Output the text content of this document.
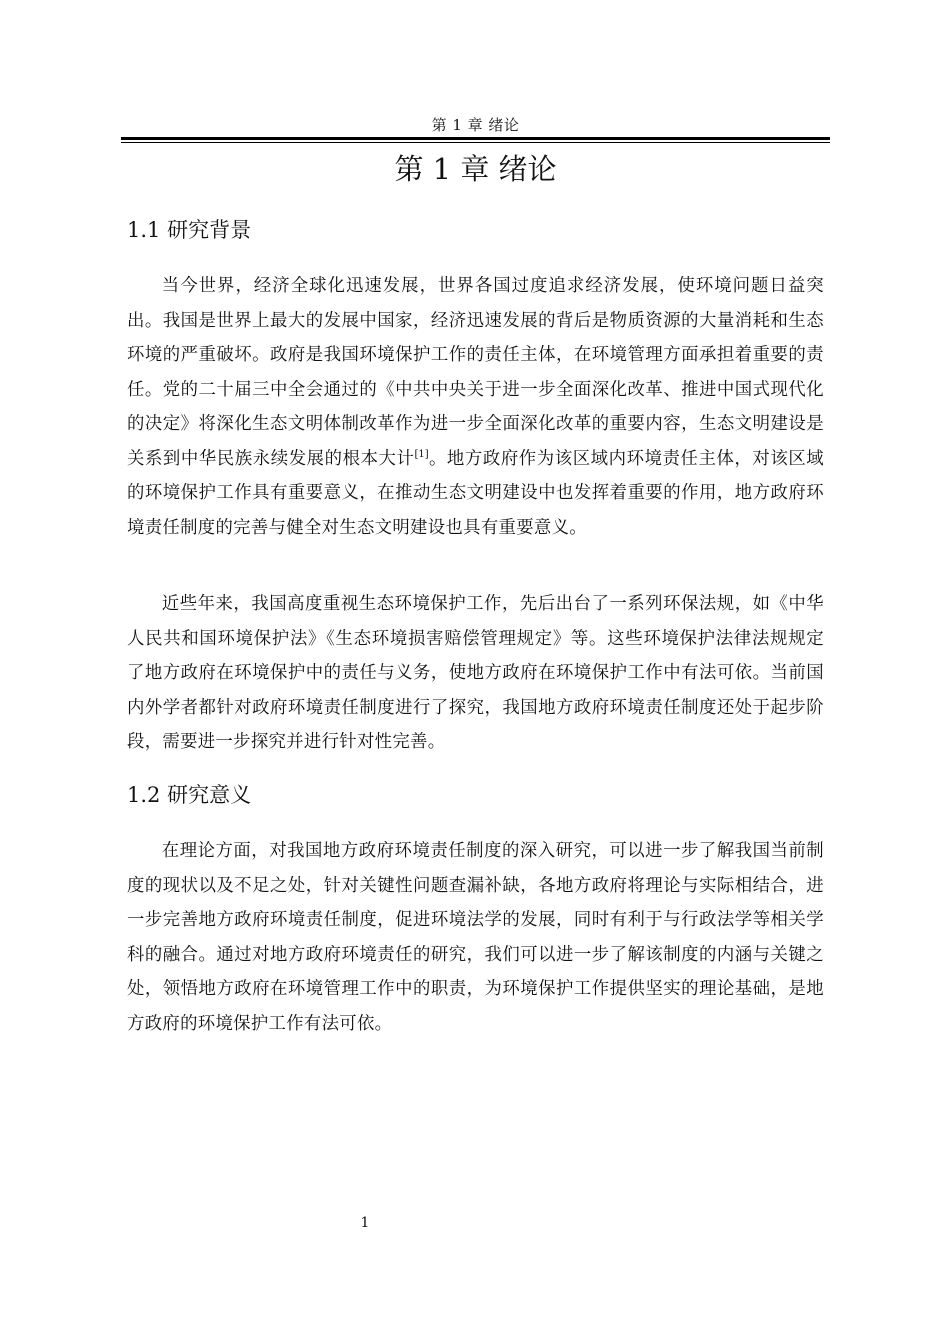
第 1 章 绪论
第 1 章 绪论
1.1 研究背景

当今世界，经济全球化迅速发展，世界各国过度追求经济发展，使环境问题日益突出。我国是世界上最大的发展中国家，经济迅速发展的背后是物质资源的大量消耗和生态环境的严重破坏。政府是我国环境保护工作的责任主体，在环境管理方面承担着重要的责任。党的二十届三中全会通过的《中共中央关于进一步全面深化改革、推进中国式现代化的决定》将深化生态文明体制改革作为进一步全面深化改革的重要内容，生态文明建设是关系到中华民族永续发展的根本大计[1]。地方政府作为该区域内环境责任主体，对该区域的环境保护工作具有重要意义，在推动生态文明建设中也发挥着重要的作用，地方政府环境责任制度的完善与健全对生态文明建设也具有重要意义。

近些年来，我国高度重视生态环境保护工作，先后出台了一系列环保法规，如《中华人民共和国环境保护法》《生态环境损害赔偿管理规定》等。这些环境保护法律法规规定了地方政府在环境保护中的责任与义务，使地方政府在环境保护工作中有法可依。当前国内外学者都针对政府环境责任制度进行了探究，我国地方政府环境责任制度还处于起步阶段，需要进一步探究并进行针对性完善。

1.2 研究意义

在理论方面，对我国地方政府环境责任制度的深入研究，可以进一步了解我国当前制度的现状以及不足之处，针对关键性问题查漏补缺，各地方政府将理论与实际相结合，进一步完善地方政府环境责任制度，促进环境法学的发展，同时有利于与行政法学等相关学科的融合。通过对地方政府环境责任的研究，我们可以进一步了解该制度的内涵与关键之处，领悟地方政府在环境管理工作中的职责，为环境保护工作提供坚实的理论基础，是地方政府的环境保护工作有法可依。

1
